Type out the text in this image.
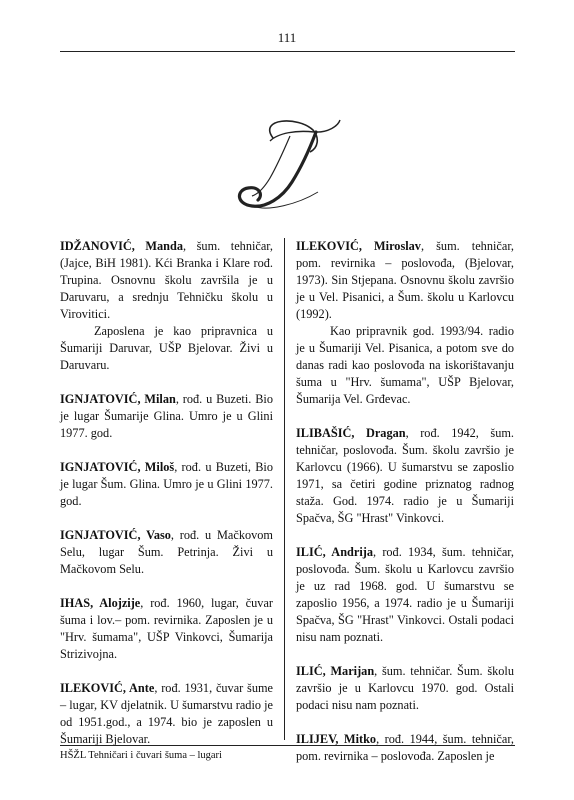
111

IDŽANOVIĆ, Manda, šum. tehničar, (Jajce, BiH 1981). Kći Branka i Klare rođ. Trupina. Osnovnu školu završila je u Daruvaru, a srednju Tehničku školu u Virovitici.

Zaposlena je kao pripravnica u Šumariji Daruvar, UŠP Bjelovar. Živi u Daruvaru.

IGNJATOVIĆ, Milan, rođ. u Buzeti. Bio je lugar Šumarije Glina. Umro je u Glini 1977. god.

IGNJATOVIĆ, Miloš, rođ. u Buzeti, Bio je lugar Šum. Glina. Umro je u Glini 1977. god.

IGNJATOVIĆ, Vaso, rođ. u Mačkovom Selu, lugar Šum. Petrinja. Živi u Mačkovom Selu.

IHAS, Alojzije, rođ. 1960, lugar, čuvar šuma i lov.– pom. revirnika. Zaposlen je u "Hrv. šumama", UŠP Vinkovci, Šumarija Strizivojna.

ILEKOVIĆ, Ante, rođ. 1931, čuvar šume – lugar, KV djelatnik. U šumarstvu radio je od 1951.god., a 1974. bio je zaposlen u Šumariji Bjelovar.

ILEKOVIĆ, Miroslav, šum. tehničar, pom. revirnika – poslovođa, (Bjelovar, 1973). Sin Stjepana. Osnovnu školu završio je u Vel. Pisanici, a Šum. školu u Karlovcu (1992).

Kao pripravnik god. 1993/94. radio je u Šumariji Vel. Pisanica, a potom sve do danas radi kao poslovođa na iskorištavanju šuma u "Hrv. šumama", UŠP Bjelovar, Šumarija Vel. Grđevac.

ILIBAŠIĆ, Dragan, rođ. 1942, šum. tehničar, poslovođa. Šum. školu završio je Karlovcu (1966). U šumarstvu se zaposlio 1971, sa četiri godine priznatog radnog staža. God. 1974. radio je u Šumariji Spačva, ŠG "Hrast" Vinkovci.

ILIĆ, Andrija, rođ. 1934, šum. tehničar, poslovođa. Šum. školu u Karlovcu završio je uz rad 1968. god. U šumarstvu se zaposlio 1956, a 1974. radio je u Šumariji Spačva, ŠG "Hrast" Vinkovci. Ostali podaci nisu nam poznati.

ILIĆ, Marijan, šum. tehničar. Šum. školu završio je u Karlovcu 1970. god. Ostali podaci nisu nam poznati.

ILIJEV, Mitko, rođ. 1944, šum. tehničar, pom. revirnika – poslovođa. Zaposlen je

HŠŽL Tehničari i čuvari šuma – lugari
